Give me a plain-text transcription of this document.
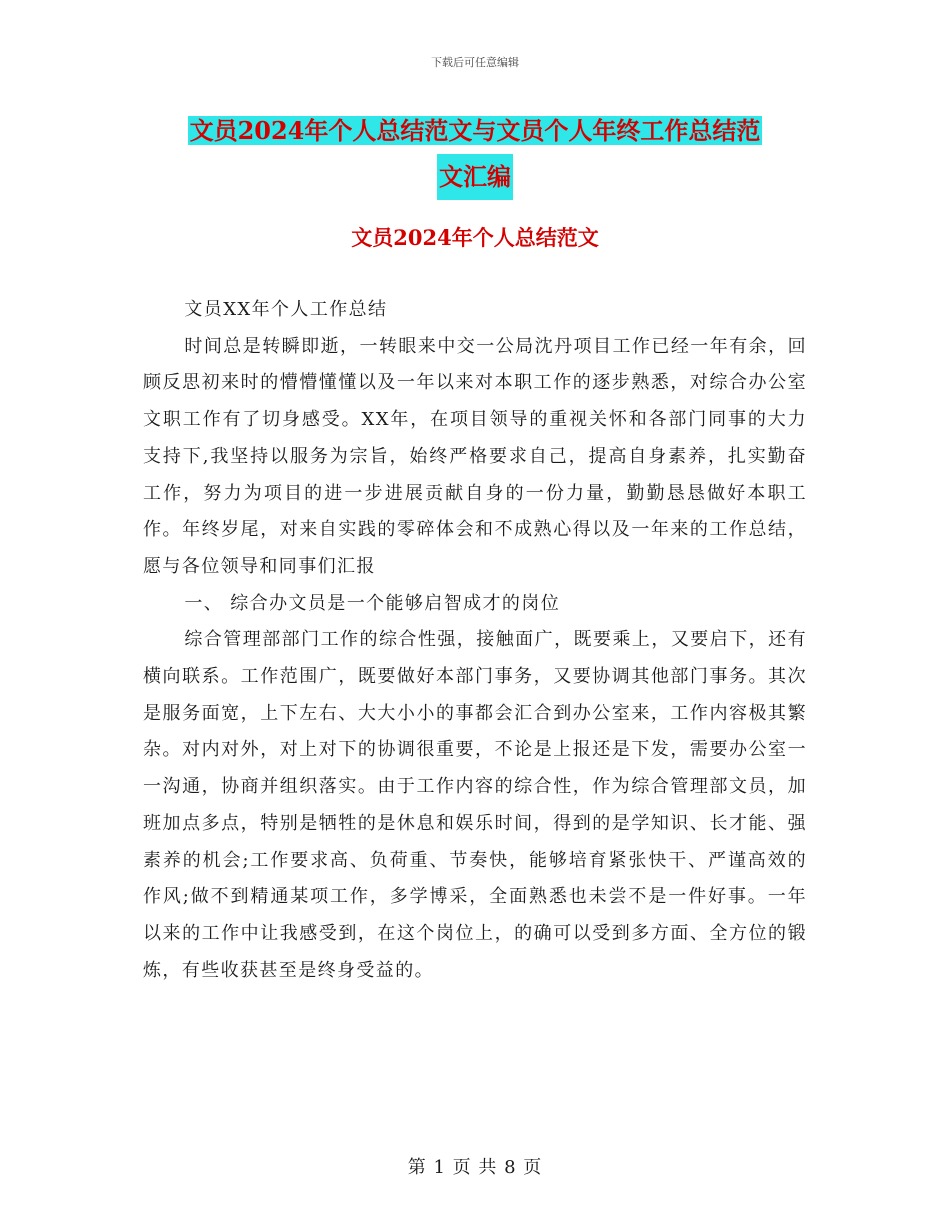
下载后可任意编辑
文员2024年个人总结范文与文员个人年终工作总结范
文汇编
文员2024年个人总结范文

文员XX年个人工作总结

时间总是转瞬即逝，一转眼来中交一公局沈丹项目工作已经一年有余，回顾反思初来时的懵懵懂懂以及一年以来对本职工作的逐步熟悉，对综合办公室文职工作有了切身感受。XX年，在项目领导的重视关怀和各部门同事的大力支持下,我坚持以服务为宗旨，始终严格要求自己，提高自身素养，扎实勤奋工作，努力为项目的进一步进展贡献自身的一份力量，勤勤恳恳做好本职工作。年终岁尾，对来自实践的零碎体会和不成熟心得以及一年来的工作总结，愿与各位领导和同事们汇报

一、 综合办文员是一个能够启智成才的岗位

综合管理部部门工作的综合性强，接触面广，既要乘上，又要启下，还有横向联系。工作范围广，既要做好本部门事务，又要协调其他部门事务。其次是服务面宽，上下左右、大大小小的事都会汇合到办公室来，工作内容极其繁杂。对内对外，对上对下的协调很重要，不论是上报还是下发，需要办公室一一沟通，协商并组织落实。由于工作内容的综合性，作为综合管理部文员，加班加点多点，特别是牺牲的是休息和娱乐时间，得到的是学知识、长才能、强素养的机会;工作要求高、负荷重、节奏快，能够培育紧张快干、严谨高效的作风;做不到精通某项工作，多学博采，全面熟悉也未尝不是一件好事。一年以来的工作中让我感受到，在这个岗位上，的确可以受到多方面、全方位的锻炼，有些收获甚至是终身受益的。

第 1 页 共 8 页
